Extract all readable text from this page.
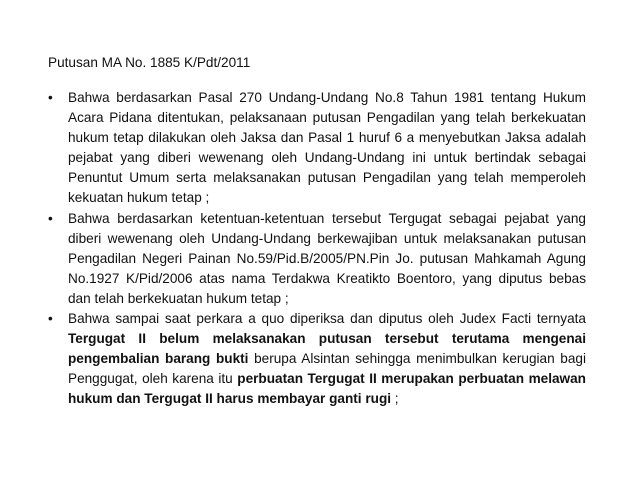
Putusan MA No. 1885 K/Pdt/2011
• Bahwa berdasarkan Pasal 270 Undang-Undang No.8 Tahun 1981 tentang Hukum Acara Pidana ditentukan, pelaksanaan putusan Pengadilan yang telah berkekuatan hukum tetap dilakukan oleh Jaksa dan Pasal 1 huruf 6 a menyebutkan Jaksa adalah pejabat yang diberi wewenang oleh Undang-Undang ini untuk bertindak sebagai Penuntut Umum serta melaksanakan putusan Pengadilan yang telah memperoleh kekuatan hukum tetap ;
• Bahwa berdasarkan ketentuan-ketentuan tersebut Tergugat sebagai pejabat yang diberi wewenang oleh Undang-Undang berkewajiban untuk melaksanakan putusan Pengadilan Negeri Painan No.59/Pid.B/2005/PN.Pin Jo. putusan Mahkamah Agung No.1927 K/Pid/2006 atas nama Terdakwa Kreatikto Boentoro, yang diputus bebas dan telah berkekuatan hukum tetap ;
• Bahwa sampai saat perkara a quo diperiksa dan diputus oleh Judex Facti ternyata Tergugat II belum melaksanakan putusan tersebut terutama mengenai pengembalian barang bukti berupa Alsintan sehingga menimbulkan kerugian bagi Penggugat, oleh karena itu perbuatan Tergugat II merupakan perbuatan melawan hukum dan Tergugat II harus membayar ganti rugi ;
